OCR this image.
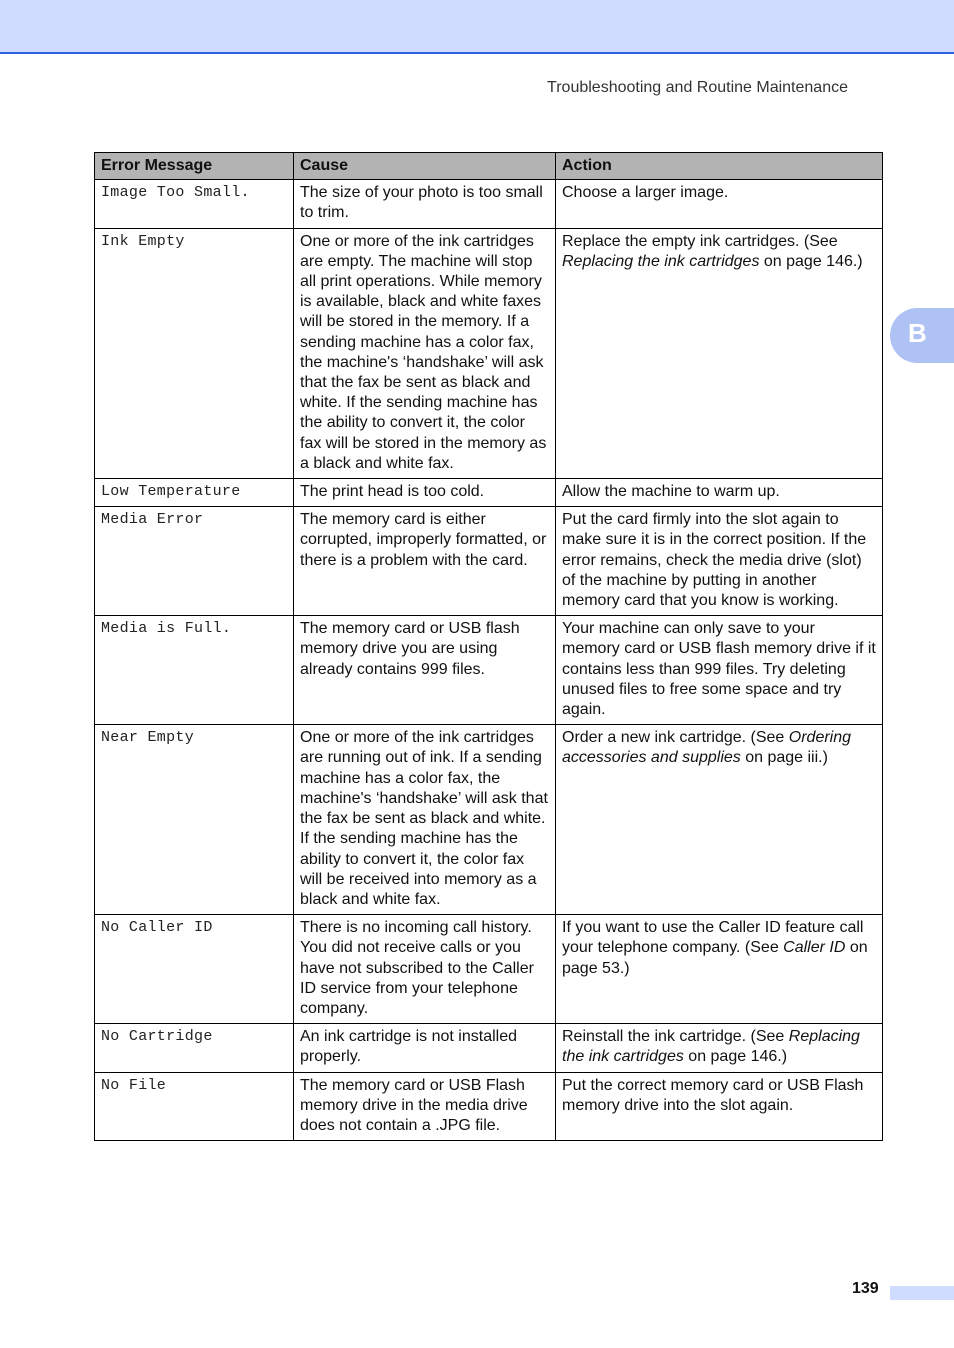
Troubleshooting and Routine Maintenance
B
Error Message	Cause	Action
Image Too Small.	The size of your photo is too small to trim.	Choose a larger image.
Ink Empty	One or more of the ink cartridges are empty. The machine will stop all print operations. While memory is available, black and white faxes will be stored in the memory. If a sending machine has a color fax, the machine's ‘handshake’ will ask that the fax be sent as black and white. If the sending machine has the ability to convert it, the color fax will be stored in the memory as a black and white fax.	Replace the empty ink cartridges. (See Replacing the ink cartridges on page 146.)
Low Temperature	The print head is too cold.	Allow the machine to warm up.
Media Error	The memory card is either corrupted, improperly formatted, or there is a problem with the card.	Put the card firmly into the slot again to make sure it is in the correct position. If the error remains, check the media drive (slot) of the machine by putting in another memory card that you know is working.
Media is Full.	The memory card or USB flash memory drive you are using already contains 999 files.	Your machine can only save to your memory card or USB flash memory drive if it contains less than 999 files. Try deleting unused files to free some space and try again.
Near Empty	One or more of the ink cartridges are running out of ink. If a sending machine has a color fax, the machine's ‘handshake’ will ask that the fax be sent as black and white. If the sending machine has the ability to convert it, the color fax will be received into memory as a black and white fax.	Order a new ink cartridge. (See Ordering accessories and supplies on page iii.)
No Caller ID	There is no incoming call history. You did not receive calls or you have not subscribed to the Caller ID service from your telephone company.	If you want to use the Caller ID feature call your telephone company. (See Caller ID on page 53.)
No Cartridge	An ink cartridge is not installed properly.	Reinstall the ink cartridge. (See Replacing the ink cartridges on page 146.)
No File	The memory card or USB Flash memory drive in the media drive does not contain a .JPG file.	Put the correct memory card or USB Flash memory drive into the slot again.
139
